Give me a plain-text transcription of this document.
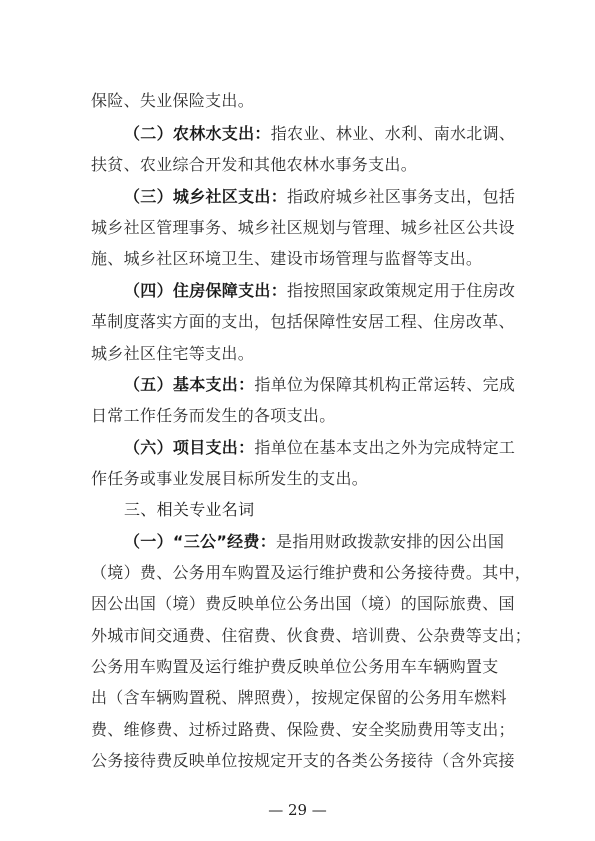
保险、失业保险支出。
（二）农林水支出：指农业、林业、水利、南水北调、
扶贫、农业综合开发和其他农林水事务支出。
（三）城乡社区支出：指政府城乡社区事务支出，包括
城乡社区管理事务、城乡社区规划与管理、城乡社区公共设
施、城乡社区环境卫生、建设市场管理与监督等支出。
（四）住房保障支出：指按照国家政策规定用于住房改
革制度落实方面的支出，包括保障性安居工程、住房改革、
城乡社区住宅等支出。
（五）基本支出：指单位为保障其机构正常运转、完成
日常工作任务而发生的各项支出。
（六）项目支出：指单位在基本支出之外为完成特定工
作任务或事业发展目标所发生的支出。
三、相关专业名词
（一）“三公”经费：是指用财政拨款安排的因公出国
（境）费、公务用车购置及运行维护费和公务接待费。其中，
因公出国（境）费反映单位公务出国（境）的国际旅费、国
外城市间交通费、住宿费、伙食费、培训费、公杂费等支出；
公务用车购置及运行维护费反映单位公务用车车辆购置支
出（含车辆购置税、牌照费），按规定保留的公务用车燃料
费、维修费、过桥过路费、保险费、安全奖励费用等支出；
公务接待费反映单位按规定开支的各类公务接待（含外宾接
— 29 —
